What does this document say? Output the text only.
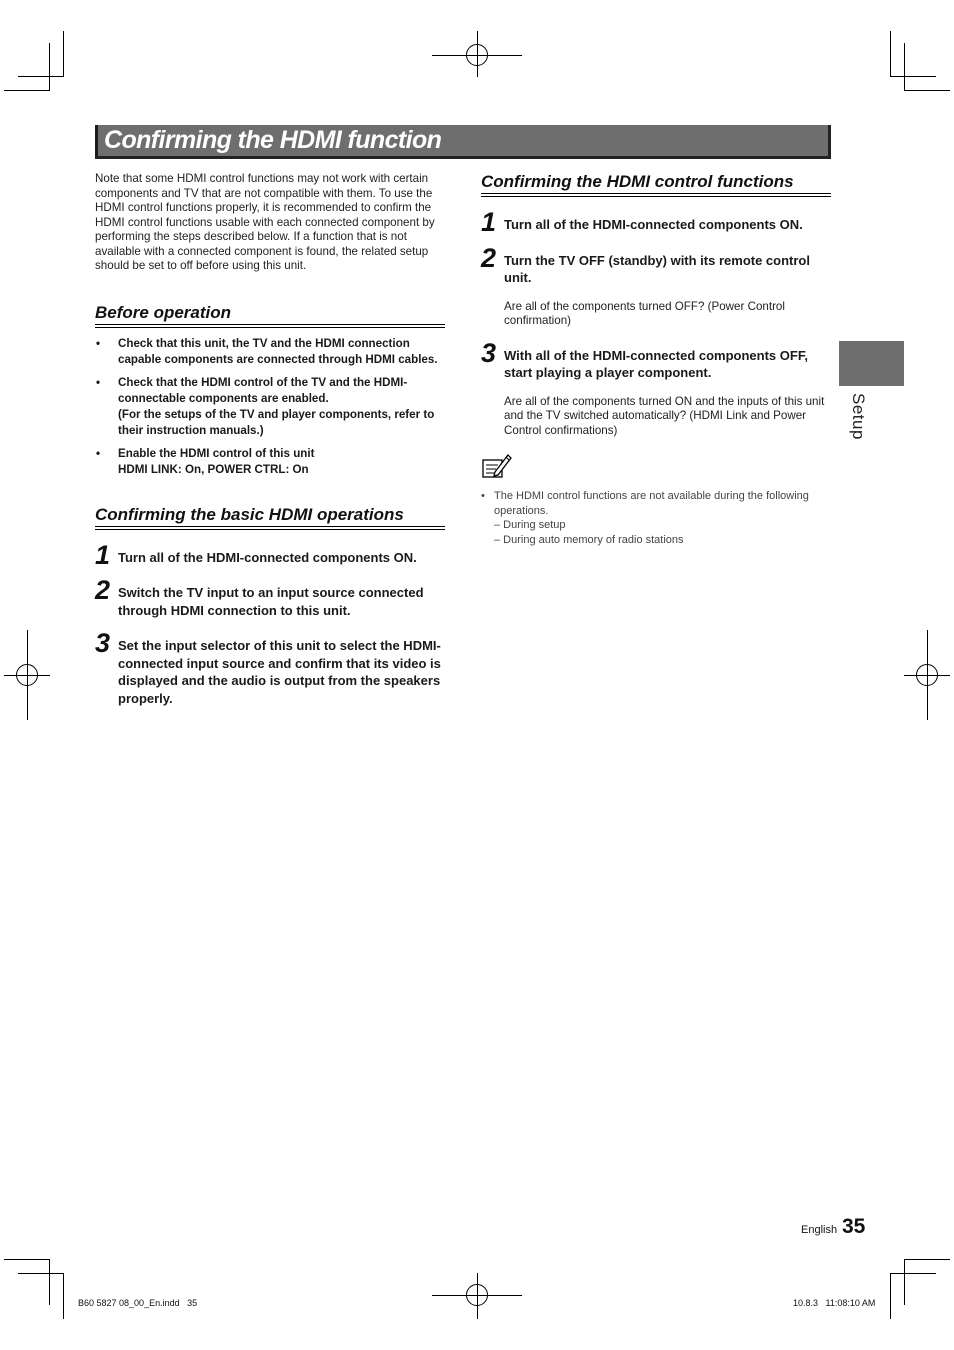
Confirming the HDMI function

Note that some HDMI control functions may not work with certain components and TV that are not compatible with them. To use the HDMI control functions properly, it is recommended to confirm the HDMI control functions usable with each connected component by performing the steps described below. If a function that is not available with a connected component is found, the related setup should be set to off before using this unit.

Before operation
• Check that this unit, the TV and the HDMI connection capable components are connected through HDMI cables.
• Check that the HDMI control of the TV and the HDMI-connectable components are enabled.
(For the setups of the TV and player components, refer to their instruction manuals.)
• Enable the HDMI control of this unit
HDMI LINK: On, POWER CTRL: On
Confirming the basic HDMI operations
1 Turn all of the HDMI-connected components ON.
2 Switch the TV input to an input source connected through HDMI connection to this unit.
3 Set the input selector of this unit to select the HDMI-connected input source and confirm that its video is displayed and the audio is output from the speakers properly.
Confirming the HDMI control functions
1 Turn all of the HDMI-connected components ON.
2 Turn the TV OFF (standby) with its remote control unit.
Are all of the components turned OFF? (Power Control confirmation)
3 With all of the HDMI-connected components OFF, start playing a player component.
Are all of the components turned ON and the inputs of this unit and the TV switched automatically? (HDMI Link and Power Control confirmations)
• The HDMI control functions are not available during the following operations.
– During setup
– During auto memory of radio stations
Setup
English 35
B60 5827 08_00_En.indd   35	10.8.3   11:08:10 AM
